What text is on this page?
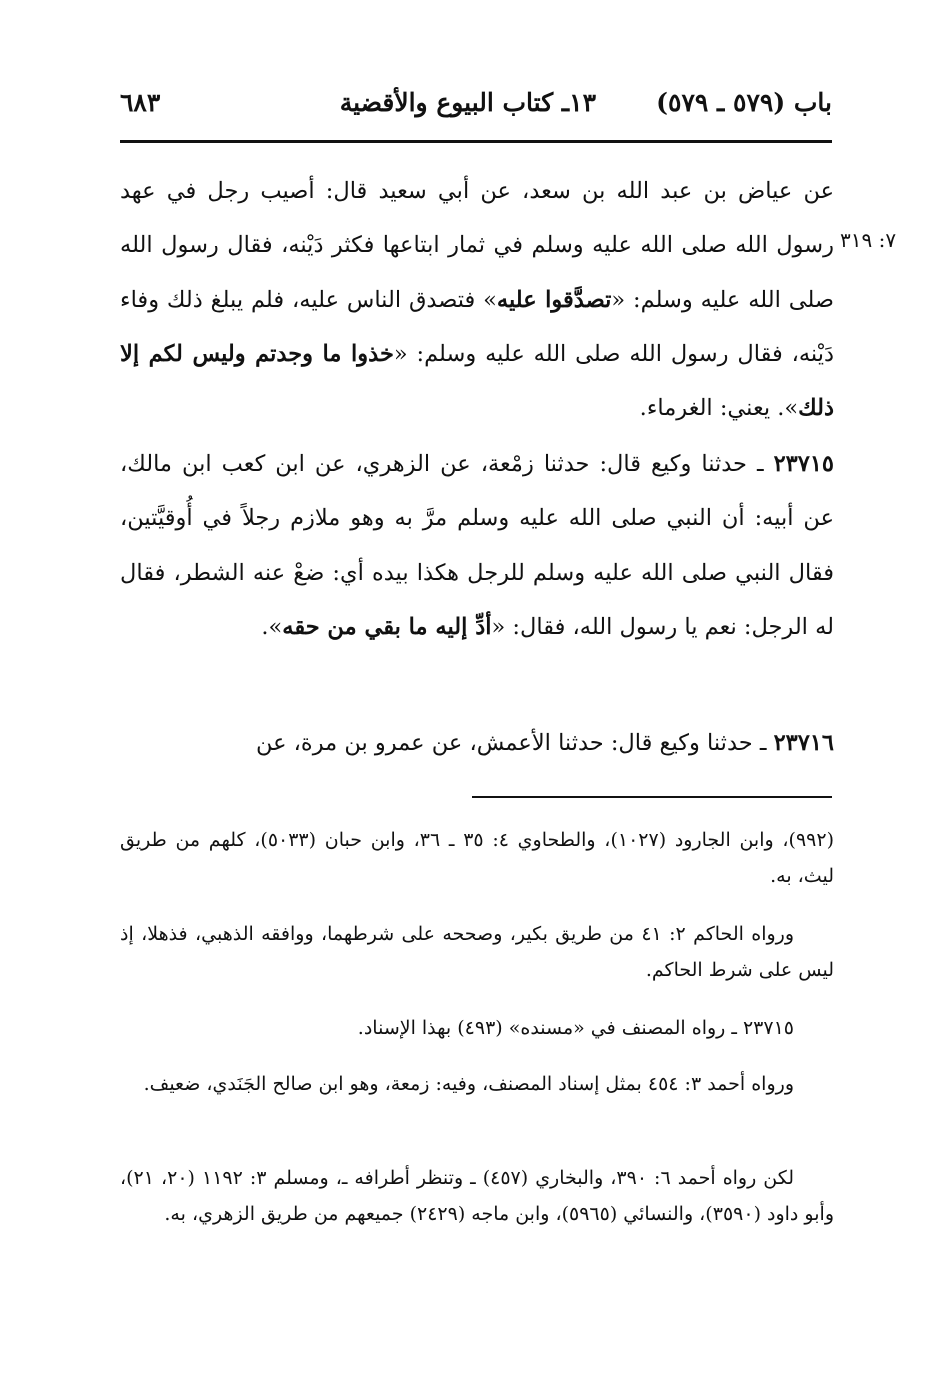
باب (٥٧٩ ـ ٥٧٩)
١٣ـ كتاب البيوع والأقضية
٦٨٣
٧: ٣١٩
عن عياض بن عبد الله بن سعد، عن أبي سعيد قال: أصيب رجل في عهد رسول الله صلى الله عليه وسلم في ثمار ابتاعها فكثر دَيْنه، فقال رسول الله صلى الله عليه وسلم: «تصدَّقوا عليه» فتصدق الناس عليه، فلم يبلغ ذلك وفاء دَيْنه، فقال رسول الله صلى الله عليه وسلم: «خذوا ما وجدتم وليس لكم إلا ذلك». يعني: الغرماء.
٢٣٧١٥ ـ حدثنا وكيع قال: حدثنا زمْعة، عن الزهري، عن ابن كعب ابن مالك، عن أبيه: أن النبي صلى الله عليه وسلم مرَّ به وهو ملازم رجلاً في أُوقيَّتين، فقال النبي صلى الله عليه وسلم للرجل هكذا بيده أي: ضعْ عنه الشطر، فقال له الرجل: نعم يا رسول الله، فقال: «أدِّ إليه ما بقي من حقه».
٢٣٧١٦ ـ حدثنا وكيع قال: حدثنا الأعمش، عن عمرو بن مرة، عن
(٩٩٢)، وابن الجارود (١٠٢٧)، والطحاوي ٤: ٣٥ ـ ٣٦، وابن حبان (٥٠٣٣)، كلهم من طريق ليث، به.
ورواه الحاكم ٢: ٤١ من طريق بكير، وصححه على شرطهما، ووافقه الذهبي، فذهلا، إذ ليس على شرط الحاكم.
٢٣٧١٥ ـ رواه المصنف في «مسنده» (٤٩٣) بهذا الإسناد.
ورواه أحمد ٣: ٤٥٤ بمثل إسناد المصنف، وفيه: زمعة، وهو ابن صالح الجَنَدي، ضعيف.
لكن رواه أحمد ٦: ٣٩٠، والبخاري (٤٥٧) ـ وتنظر أطرافه ـ، ومسلم ٣: ١١٩٢ (٢٠، ٢١)، وأبو داود (٣٥٩٠)، والنسائي (٥٩٦٥)، وابن ماجه (٢٤٢٩) جميعهم من طريق الزهري، به.
